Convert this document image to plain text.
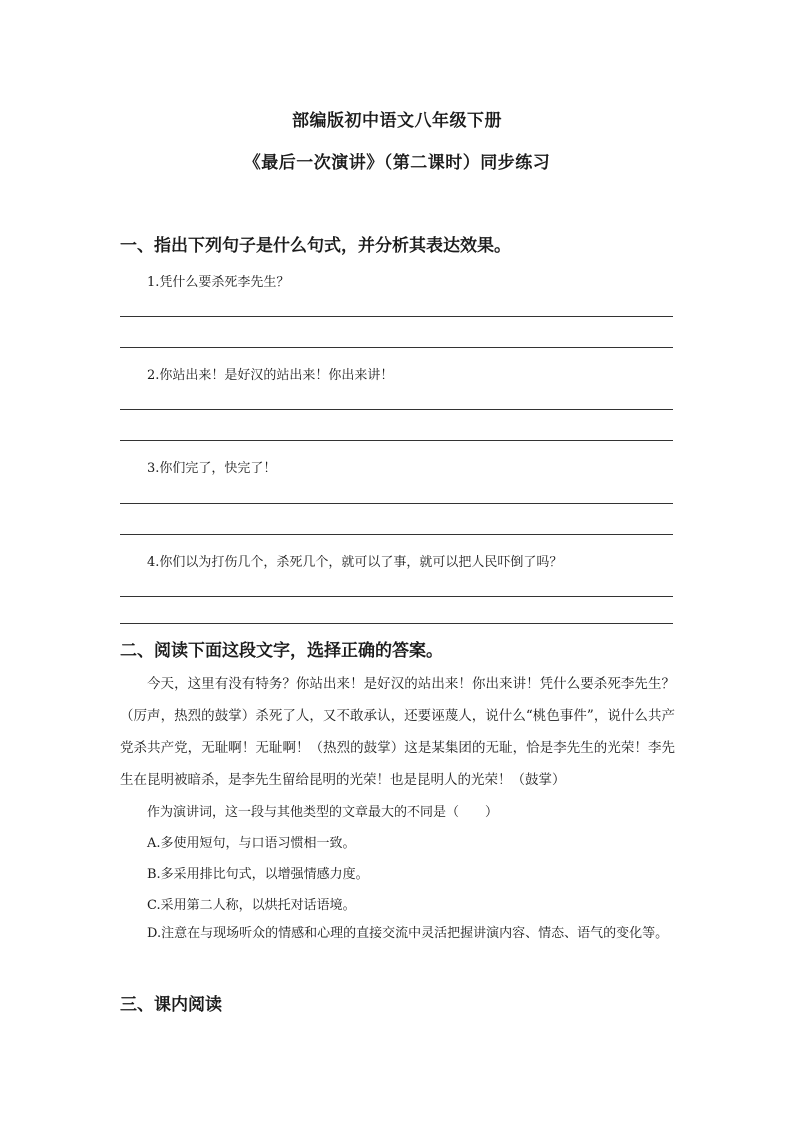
部编版初中语文八年级下册
《最后一次演讲》（第二课时）同步练习
一、指出下列句子是什么句式，并分析其表达效果。
1.凭什么要杀死李先生？
2.你站出来！是好汉的站出来！你出来讲！
3.你们完了，快完了！
4.你们以为打伤几个，杀死几个，就可以了事，就可以把人民吓倒了吗？
二、阅读下面这段文字，选择正确的答案。
今天，这里有没有特务？你站出来！是好汉的站出来！你出来讲！凭什么要杀死李先生？（厉声，热烈的鼓掌）杀死了人，又不敢承认，还要诬蔑人，说什么“桃色事件”，说什么共产党杀共产党，无耻啊！无耻啊！（热烈的鼓掌）这是某集团的无耻，恰是李先生的光荣！李先生在昆明被暗杀，是李先生留给昆明的光荣！也是昆明人的光荣！（鼓掌）
作为演讲词，这一段与其他类型的文章最大的不同是（　　）
A.多使用短句，与口语习惯相一致。
B.多采用排比句式，以增强情感力度。
C.采用第二人称，以烘托对话语境。
D.注意在与现场听众的情感和心理的直接交流中灵活把握讲演内容、情态、语气的变化等。
三、课内阅读
